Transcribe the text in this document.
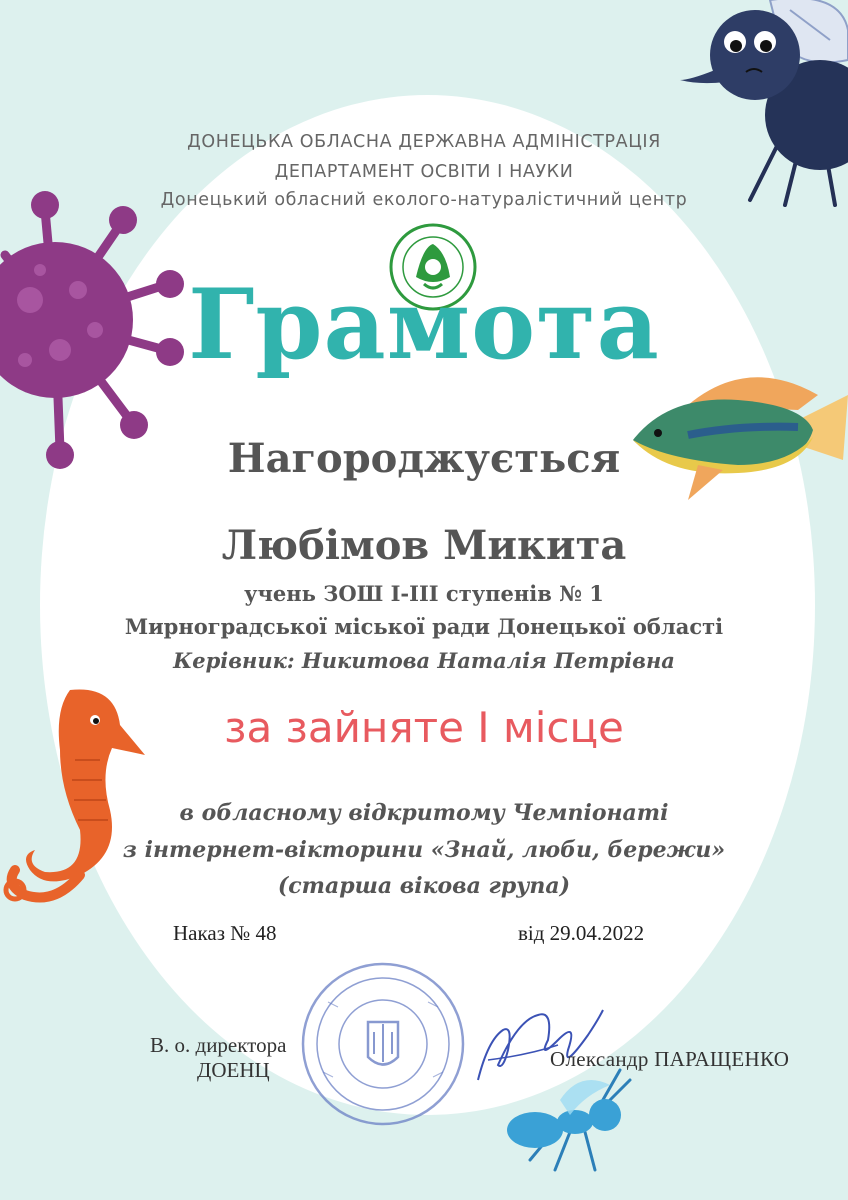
ДОНЕЦЬКА ОБЛАСНА ДЕРЖАВНА АДМІНІСТРАЦІЯ
ДЕПАРТАМЕНТ ОСВІТИ І НАУКИ
Донецький обласний еколого-натуралістичний центр
Грамота
Нагороджується
Любімов Микита
учень ЗОШ І-ІІІ ступенів № 1
Мирноградської міської ради Донецької області
Керівник: Никитова Наталія Петрівна
за зайняте І місце
в обласному відкритому Чемпіонаті
з інтернет-вікторини «Знай, люби, бережи»
(старша вікова група)
Наказ № 48	від 29.04.2022
В. о. директора
ДОЕНЦ	Олександр ПАРАЩЕНКО
